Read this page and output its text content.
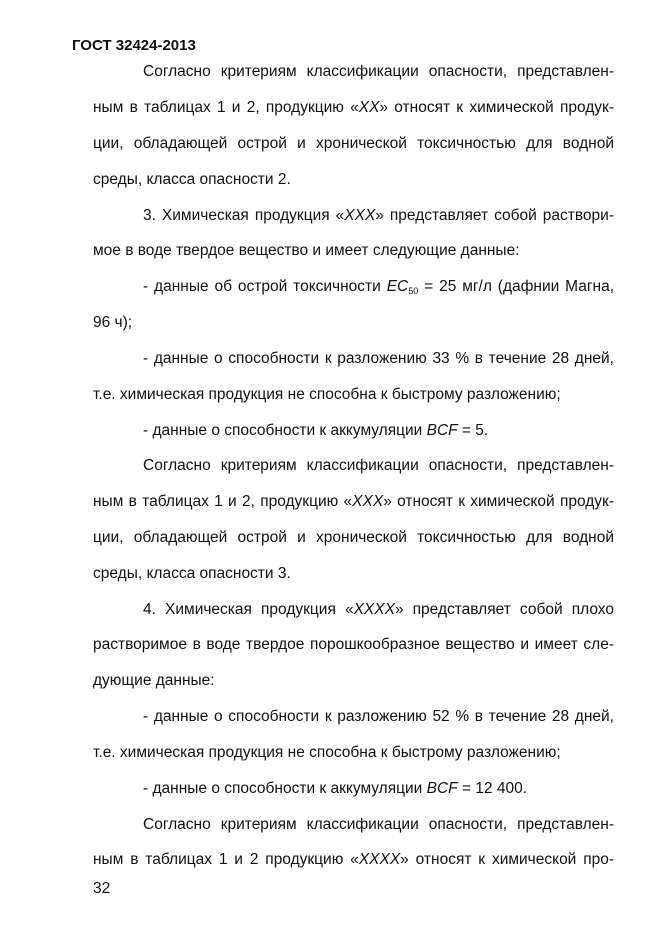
ГОСТ 32424-2013
Согласно критериям классификации опасности, представлен-
ным в таблицах 1 и 2, продукцию «XX» относят к химической продук-
ции, обладающей острой и хронической токсичностью для водной
среды, класса опасности 2.
3. Химическая продукция «XXX» представляет собой раствори-
мое в воде твердое вещество и имеет следующие данные:
- данные об острой токсичности $EC_{50} = 25$ мг/л (дафнии Магна,
96 ч);
- данные о способности к разложению 33 % в течение 28 дней,
т.е. химическая продукция не способна к быстрому разложению;
- данные о способности к аккумуляции BCF = 5.
Согласно критериям классификации опасности, представлен-
ным в таблицах 1 и 2, продукцию «XXX» относят к химической продук-
ции, обладающей острой и хронической токсичностью для водной
среды, класса опасности 3.
4. Химическая продукция «XXXX» представляет собой плохо
растворимое в воде твердое порошкообразное вещество и имеет сле-
дующие данные:
- данные о способности к разложению 52 % в течение 28 дней,
т.е. химическая продукция не способна к быстрому разложению;
- данные о способности к аккумуляции BCF = 12 400.
Согласно критериям классификации опасности, представлен-
ным в таблицах 1 и 2 продукцию «XXXX» относят к химической про-
32
